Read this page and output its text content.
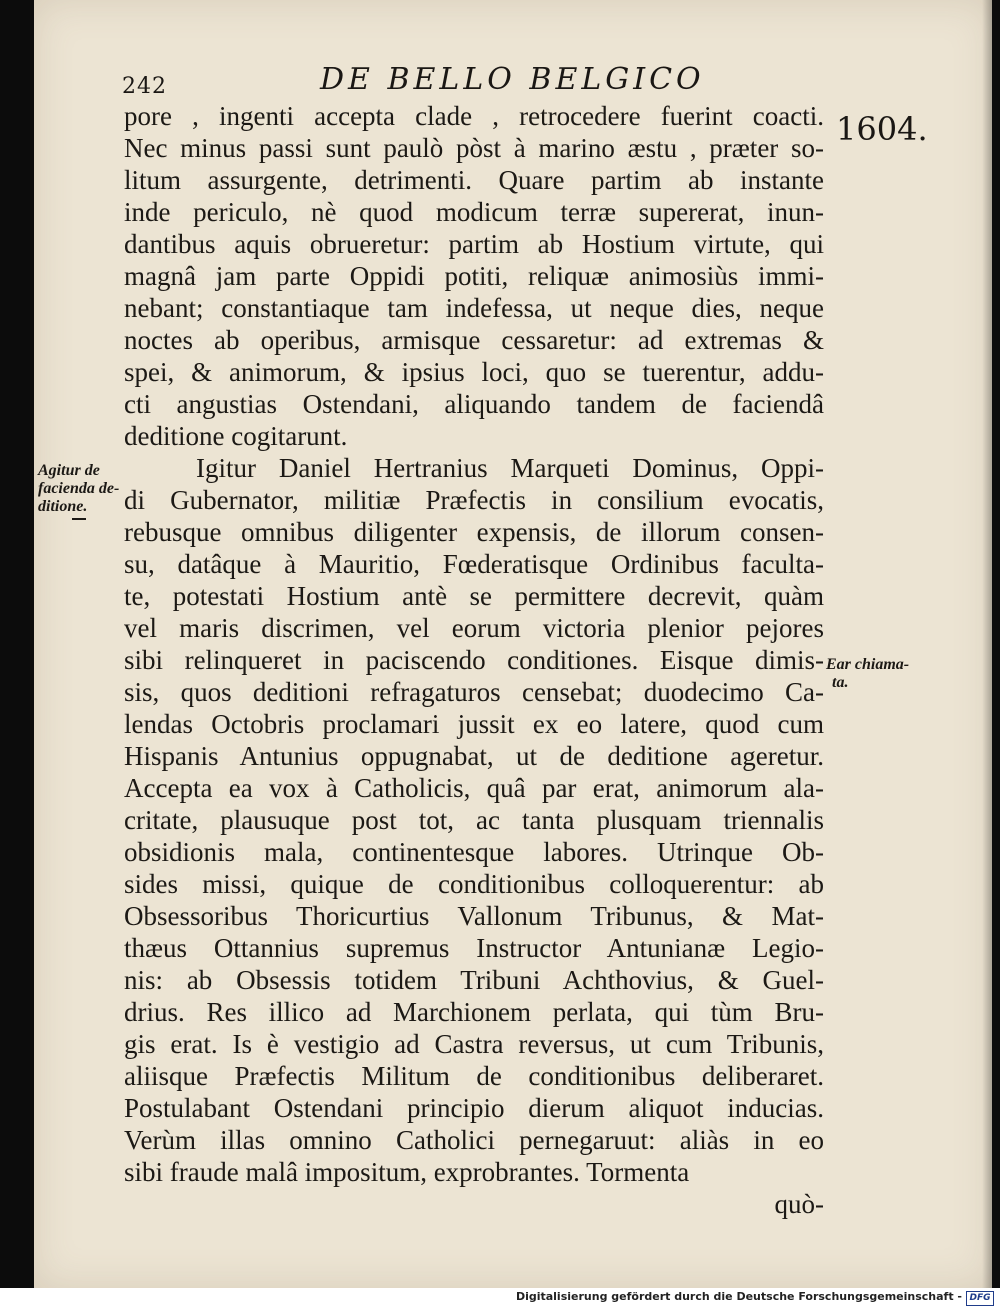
242	DE BELLO BELGICO
1604.
pore , ingenti accepta clade , retrocedere fuerint coacti.
Nec minus passi sunt paulò pòst à marino æstu , præter so-
litum assurgente, detrimenti. Quare partim ab instante
inde periculo, nè quod modicum terræ supererat, inun-
dantibus aquis obrueretur: partim ab Hostium virtute, qui
magnâ jam parte Oppidi potiti, reliquæ animosiùs immi-
nebant; constantiaque tam indefessa, ut neque dies, neque
noctes ab operibus, armisque cessaretur: ad extremas &
spei, & animorum, & ipsius loci, quo se tuerentur, addu-
cti angustias Ostendani, aliquando tandem de faciendâ
deditione cogitarunt.
Igitur Daniel Hertranius Marqueti Dominus, Oppi-
di Gubernator, militiæ Præfectis in consilium evocatis,
rebusque omnibus diligenter expensis, de illorum consen-
su, datâque à Mauritio, Fœderatisque Ordinibus faculta-
te, potestati Hostium antè se permittere decrevit, quàm
vel maris discrimen, vel eorum victoria plenior pejores
sibi relinqueret in paciscendo conditiones. Eisque dimis-
sis, quos deditioni refragaturos censebat; duodecimo Ca-
lendas Octobris proclamari jussit ex eo latere, quod cum
Hispanis Antunius oppugnabat, ut de deditione ageretur.
Accepta ea vox à Catholicis, quâ par erat, animorum ala-
critate, plausuque post tot, ac tanta plusquam triennalis
obsidionis mala, continentesque labores. Utrinque Ob-
sides missi, quique de conditionibus colloquerentur: ab
Obsessoribus Thoricurtius Vallonum Tribunus, & Mat-
thæus Ottannius supremus Instructor Antunianæ Legio-
nis: ab Obsessis totidem Tribuni Achthovius, & Guel-
drius. Res illico ad Marchionem perlata, qui tùm Bru-
gis erat. Is è vestigio ad Castra reversus, ut cum Tribunis,
aliisque Præfectis Militum de conditionibus deliberaret.
Postulabant Ostendani principio dierum aliquot inducias.
Verùm illas omnino Catholici pernegaruut: aliàs in eo
sibi fraude malâ impositum, exprobrantes. Tormenta
quò-
Agitur de
facienda de-
ditione.
Ear chiama-
ta.
Digitalisierung gefördert durch die Deutsche Forschungsgemeinschaft - DFG
